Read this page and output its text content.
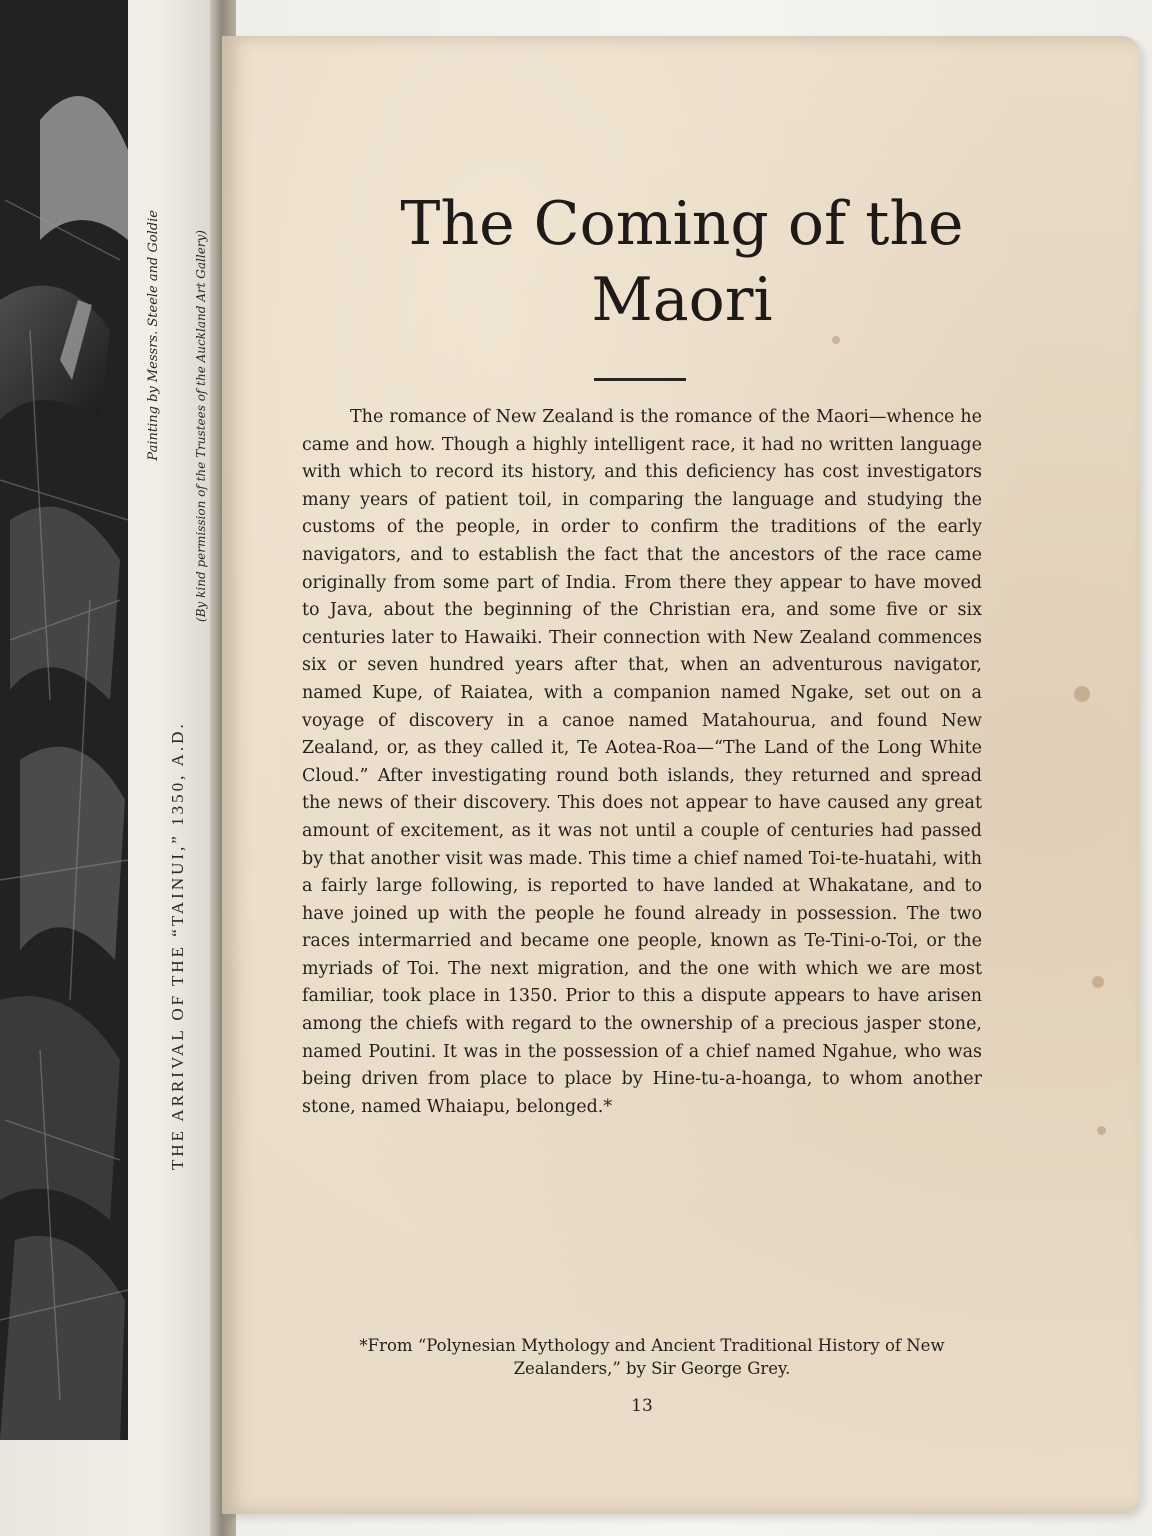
Painting by Messrs. Steele and Goldie
THE ARRIVAL OF THE “TAINUI,” 1350, A.D.
(By kind permission of the Trustees of the Auckland Art Gallery)
The Coming of the Maori

The romance of New Zealand is the romance of the Maori—whence he came and how. Though a highly intelligent race, it had no written language with which to record its history, and this deficiency has cost investigators many years of patient toil, in comparing the language and studying the customs of the people, in order to confirm the traditions of the early navigators, and to establish the fact that the ancestors of the race came originally from some part of India. From there they appear to have moved to Java, about the beginning of the Christian era, and some five or six centuries later to Hawaiki. Their connection with New Zealand commences six or seven hundred years after that, when an adventurous navigator, named Kupe, of Raiatea, with a companion named Ngake, set out on a voyage of discovery in a canoe named Matahourua, and found New Zealand, or, as they called it, Te Aotea-Roa—“The Land of the Long White Cloud.” After investigating round both islands, they returned and spread the news of their discovery. This does not appear to have caused any great amount of excitement, as it was not until a couple of centuries had passed by that another visit was made. This time a chief named Toi-te-huatahi, with a fairly large following, is reported to have landed at Whakatane, and to have joined up with the people he found already in possession. The two races intermarried and became one people, known as Te-Tini-o-Toi, or the myriads of Toi. The next migration, and the one with which we are most familiar, took place in 1350. Prior to this a dispute appears to have arisen among the chiefs with regard to the ownership of a precious jasper stone, named Poutini. It was in the possession of a chief named Ngahue, who was being driven from place to place by Hine-tu-a-hoanga, to whom another stone, named Whaiapu, belonged.*

*From “Polynesian Mythology and Ancient Traditional History of New Zealanders,” by Sir George Grey.

13
